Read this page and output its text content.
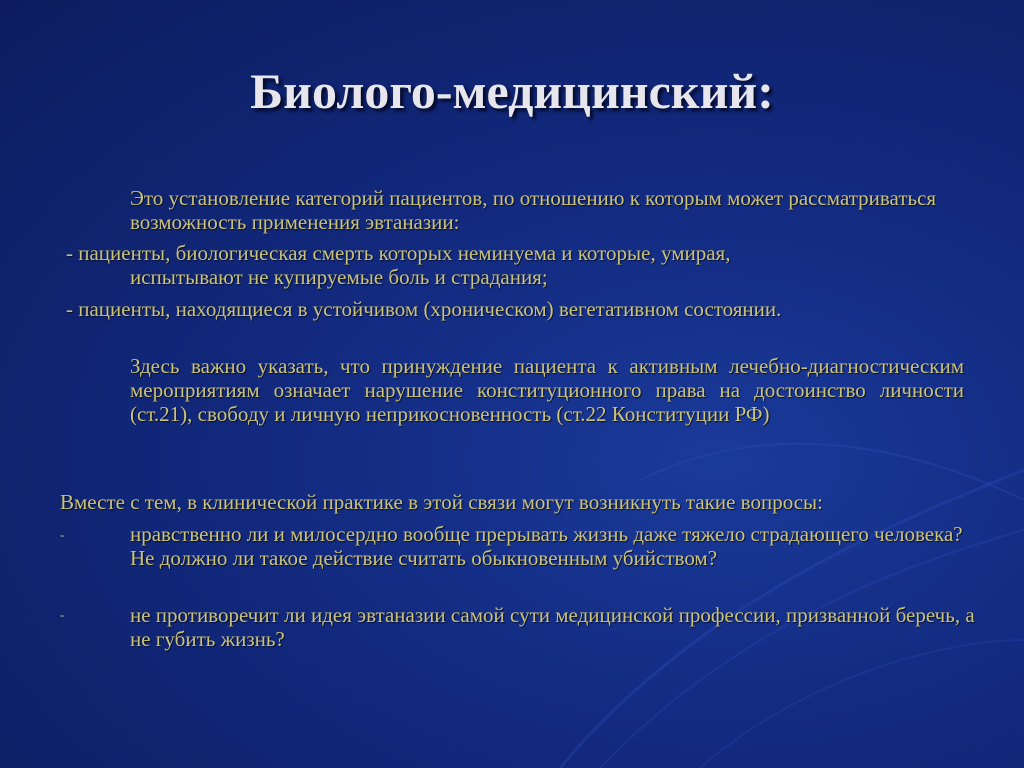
Биолого-медицинский:
Это установление категорий пациентов, по отношению к которым может рассматриваться возможность применения эвтаназии:
- пациенты, биологическая смерть которых неминуема и которые, умирая,
испытывают не купируемые боль и страдания;
- пациенты, находящиеся в устойчивом (хроническом) вегетативном состоянии.
Здесь важно указать, что принуждение пациента к активным лечебно-диагностическим мероприятиям означает нарушение конституционного права на достоинство личности (ст.21), свободу и личную неприкосновенность (ст.22 Конституции РФ)
Вместе с тем, в клинической практике в этой связи могут возникнуть такие вопросы:
-	нравственно ли и милосердно вообще прерывать жизнь даже тяжело страдающего человека? Не должно ли такое действие считать обыкновенным убийством?
-	не противоречит ли идея эвтаназии самой сути медицинской профессии, призванной беречь, а не губить жизнь?
